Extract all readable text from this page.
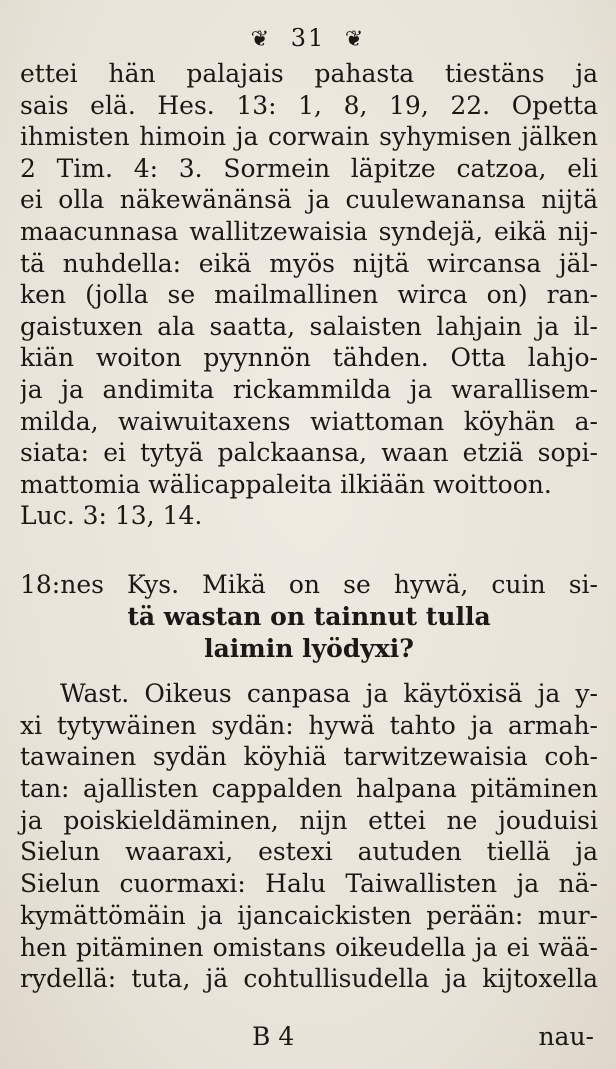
❦ 31 ❦
ettei hän palajais pahasta tiestäns ja
sais elä. Hes. 13: 1, 8, 19, 22. Opetta
ihmisten himoin ja corwain syhymisen jälken
2 Tim. 4: 3. Sormein läpitze catzoa, eli
ei olla näkewänänsä ja cuulewanansa nijtä
maacunnasa wallitzewaisia syndejä, eikä nij-
tä nuhdella: eikä myös nijtä wircansa jäl-
ken (jolla se mailmallinen wirca on) ran-
gaistuxen ala saatta, salaisten lahjain ja il-
kiän woiton pyynnön tähden. Otta lahjo-
ja ja andimita rickammilda ja warallisem-
milda, waiwuitaxens wiattoman köyhän a-
siata: ei tytyä palckaansa, waan etziä sopi-
mattomia wälicappaleita ilkiään woittoon.
Luc. 3: 13, 14.
18:nes Kys. Mikä on se hywä, cuin si-
tä wastan on tainnut tulla
laimin lyödyxi?
Wast. Oikeus canpasa ja käytöxisä ja y-
xi tytywäinen sydän: hywä tahto ja armah-
tawainen sydän köyhiä tarwitzewaisia coh-
tan: ajallisten cappalden halpana pitäminen
ja poiskieldäminen, nijn ettei ne jouduisi
Sielun waaraxi, estexi autuden tiellä ja
Sielun cuormaxi: Halu Taiwallisten ja nä-
kymättömäin ja ijancaickisten perään: mur-
hen pitäminen omistans oikeudella ja ei wää-
rydellä: tuta, jä cohtullisudella ja kijtoxella
B 4	nau-
